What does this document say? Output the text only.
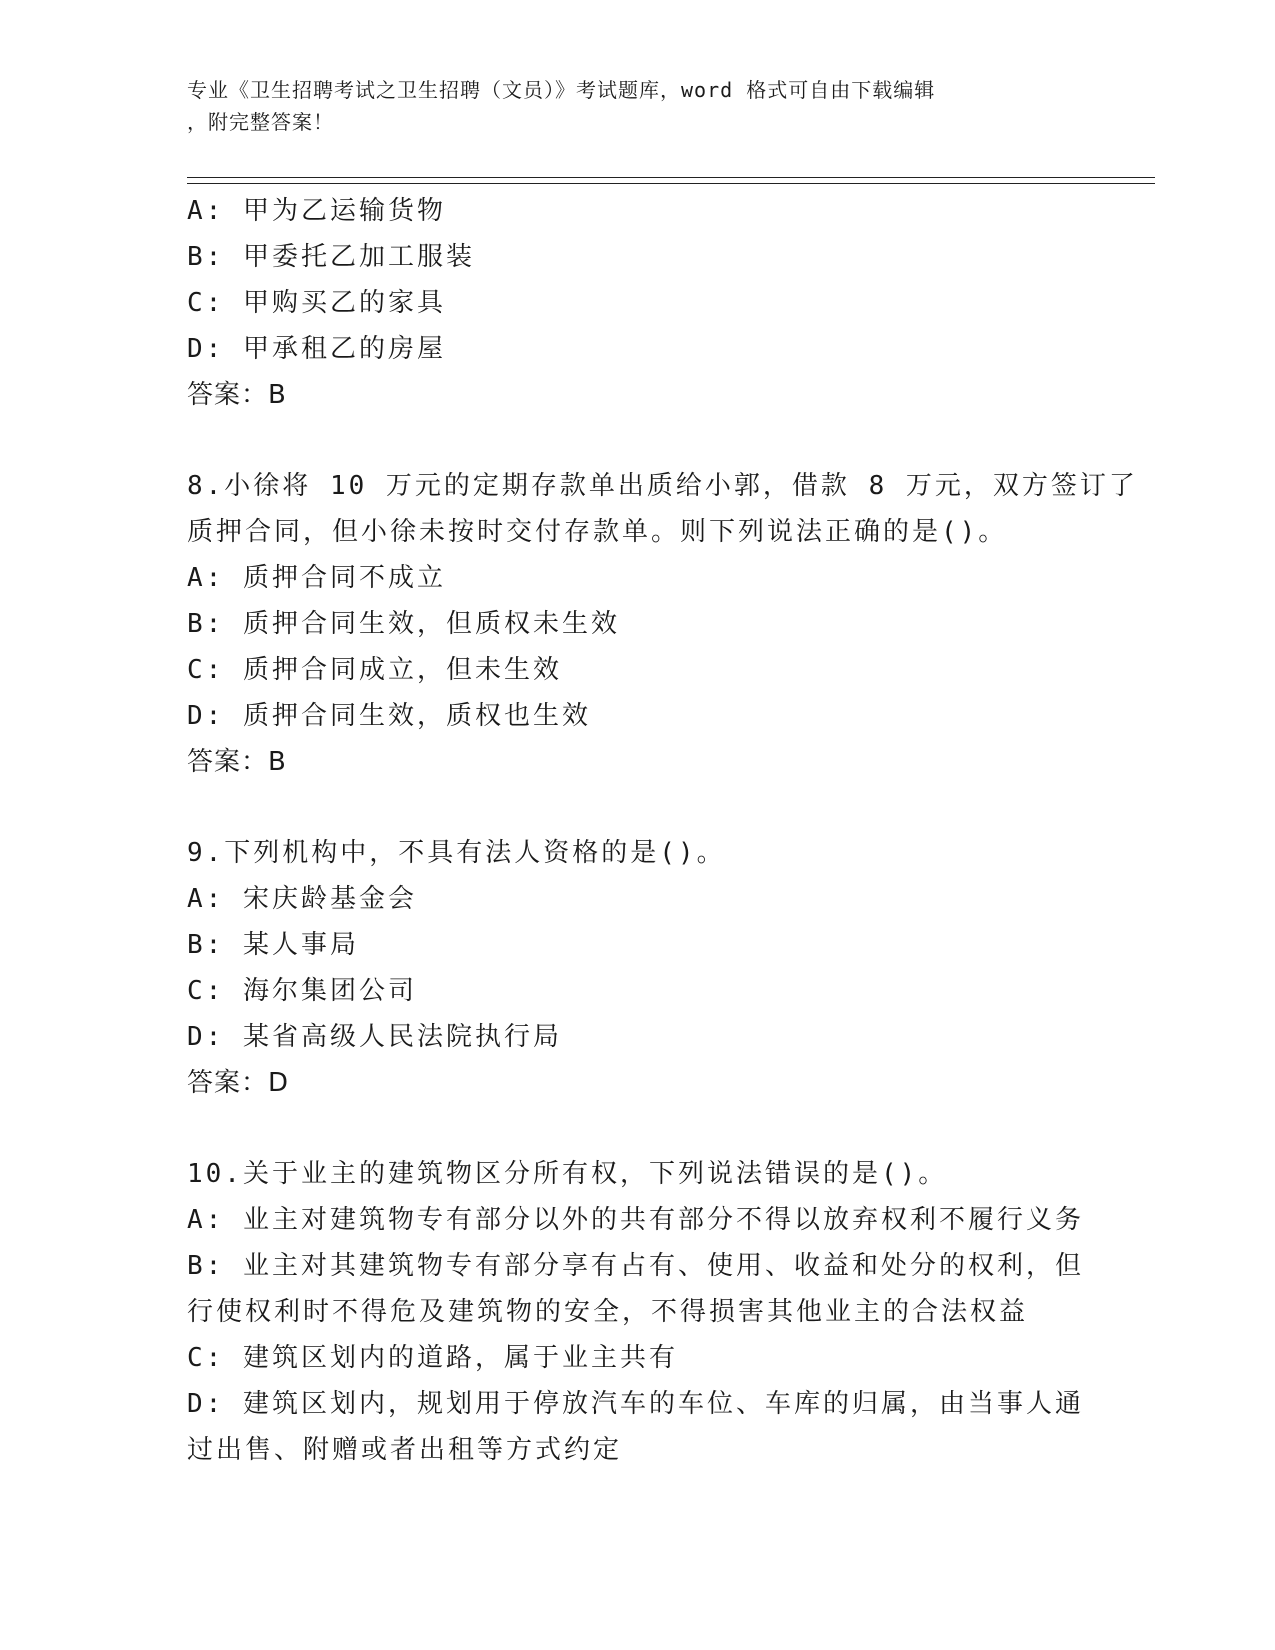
专业《卫生招聘考试之卫生招聘（文员）》考试题库，word 格式可自由下载编辑
，附完整答案！
A: 甲为乙运输货物
B: 甲委托乙加工服装
C: 甲购买乙的家具
D: 甲承租乙的房屋
答案：B
8.小徐将 10 万元的定期存款单出质给小郭，借款 8 万元，双方签订了
质押合同，但小徐未按时交付存款单。则下列说法正确的是()。
A: 质押合同不成立
B: 质押合同生效，但质权未生效
C: 质押合同成立，但未生效
D: 质押合同生效，质权也生效
答案：B
9.下列机构中，不具有法人资格的是()。
A: 宋庆龄基金会
B: 某人事局
C: 海尔集团公司
D: 某省高级人民法院执行局
答案：D
10.关于业主的建筑物区分所有权，下列说法错误的是()。
A: 业主对建筑物专有部分以外的共有部分不得以放弃权利不履行义务
B: 业主对其建筑物专有部分享有占有、使用、收益和处分的权利，但
行使权利时不得危及建筑物的安全，不得损害其他业主的合法权益
C: 建筑区划内的道路，属于业主共有
D: 建筑区划内，规划用于停放汽车的车位、车库的归属，由当事人通
过出售、附赠或者出租等方式约定
